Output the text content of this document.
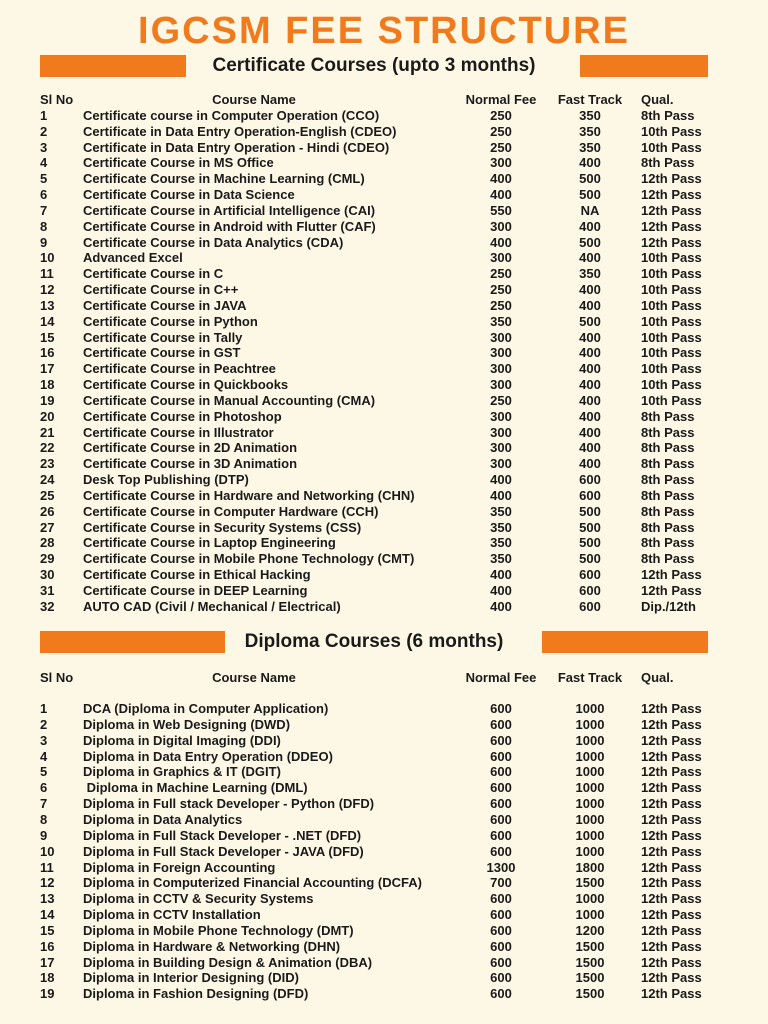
IGCSM FEE STRUCTURE
Certificate Courses (upto 3 months)
Sl No	Course Name	Normal Fee	Fast Track	Qual.
1	Certificate course in Computer Operation (CCO)	250	350	8th Pass
2	Certificate in Data Entry Operation-English (CDEO)	250	350	10th Pass
3	Certificate in Data Entry Operation - Hindi (CDEO)	250	350	10th Pass
4	Certificate Course in MS Office	300	400	8th Pass
5	Certificate Course in Machine Learning (CML)	400	500	12th Pass
6	Certificate Course in Data Science	400	500	12th Pass
7	Certificate Course in Artificial Intelligence (CAI)	550	NA	12th Pass
8	Certificate Course in Android with Flutter (CAF)	300	400	12th Pass
9	Certificate Course in Data Analytics (CDA)	400	500	12th Pass
10	Advanced Excel	300	400	10th Pass
11	Certificate Course in C	250	350	10th Pass
12	Certificate Course in C++	250	400	10th Pass
13	Certificate Course in JAVA	250	400	10th Pass
14	Certificate Course in Python	350	500	10th Pass
15	Certificate Course in Tally	300	400	10th Pass
16	Certificate Course in GST	300	400	10th Pass
17	Certificate Course in Peachtree	300	400	10th Pass
18	Certificate Course in Quickbooks	300	400	10th Pass
19	Certificate Course in Manual Accounting (CMA)	250	400	10th Pass
20	Certificate Course in Photoshop	300	400	8th Pass
21	Certificate Course in Illustrator	300	400	8th Pass
22	Certificate Course in 2D Animation	300	400	8th Pass
23	Certificate Course in 3D Animation	300	400	8th Pass
24	Desk Top Publishing (DTP)	400	600	8th Pass
25	Certificate Course in Hardware and Networking (CHN)	400	600	8th Pass
26	Certificate Course in Computer Hardware (CCH)	350	500	8th Pass
27	Certificate Course in Security Systems (CSS)	350	500	8th Pass
28	Certificate Course in Laptop Engineering	350	500	8th Pass
29	Certificate Course in Mobile Phone Technology (CMT)	350	500	8th Pass
30	Certificate Course in Ethical Hacking	400	600	12th Pass
31	Certificate Course in DEEP Learning	400	600	12th Pass
32	AUTO CAD (Civil / Mechanical / Electrical)	400	600	Dip./12th
Diploma Courses (6 months)
Sl No	Course Name	Normal Fee	Fast Track	Qual.
1	DCA (Diploma in Computer Application)	600	1000	12th Pass
2	Diploma in Web Designing (DWD)	600	1000	12th Pass
3	Diploma in Digital Imaging (DDI)	600	1000	12th Pass
4	Diploma in Data Entry Operation (DDEO)	600	1000	12th Pass
5	Diploma in Graphics & IT (DGIT)	600	1000	12th Pass
6	Diploma in Machine Learning (DML)	600	1000	12th Pass
7	Diploma in Full stack Developer - Python (DFD)	600	1000	12th Pass
8	Diploma in Data Analytics	600	1000	12th Pass
9	Diploma in Full Stack Developer - .NET (DFD)	600	1000	12th Pass
10	Diploma in Full Stack Developer - JAVA (DFD)	600	1000	12th Pass
11	Diploma in Foreign Accounting	1300	1800	12th Pass
12	Diploma in Computerized Financial Accounting (DCFA)	700	1500	12th Pass
13	Diploma in CCTV & Security Systems	600	1000	12th Pass
14	Diploma in CCTV Installation	600	1000	12th Pass
15	Diploma in Mobile Phone Technology (DMT)	600	1200	12th Pass
16	Diploma in Hardware & Networking (DHN)	600	1500	12th Pass
17	Diploma in Building Design & Animation (DBA)	600	1500	12th Pass
18	Diploma in Interior Designing (DID)	600	1500	12th Pass
19	Diploma in Fashion Designing (DFD)	600	1500	12th Pass
